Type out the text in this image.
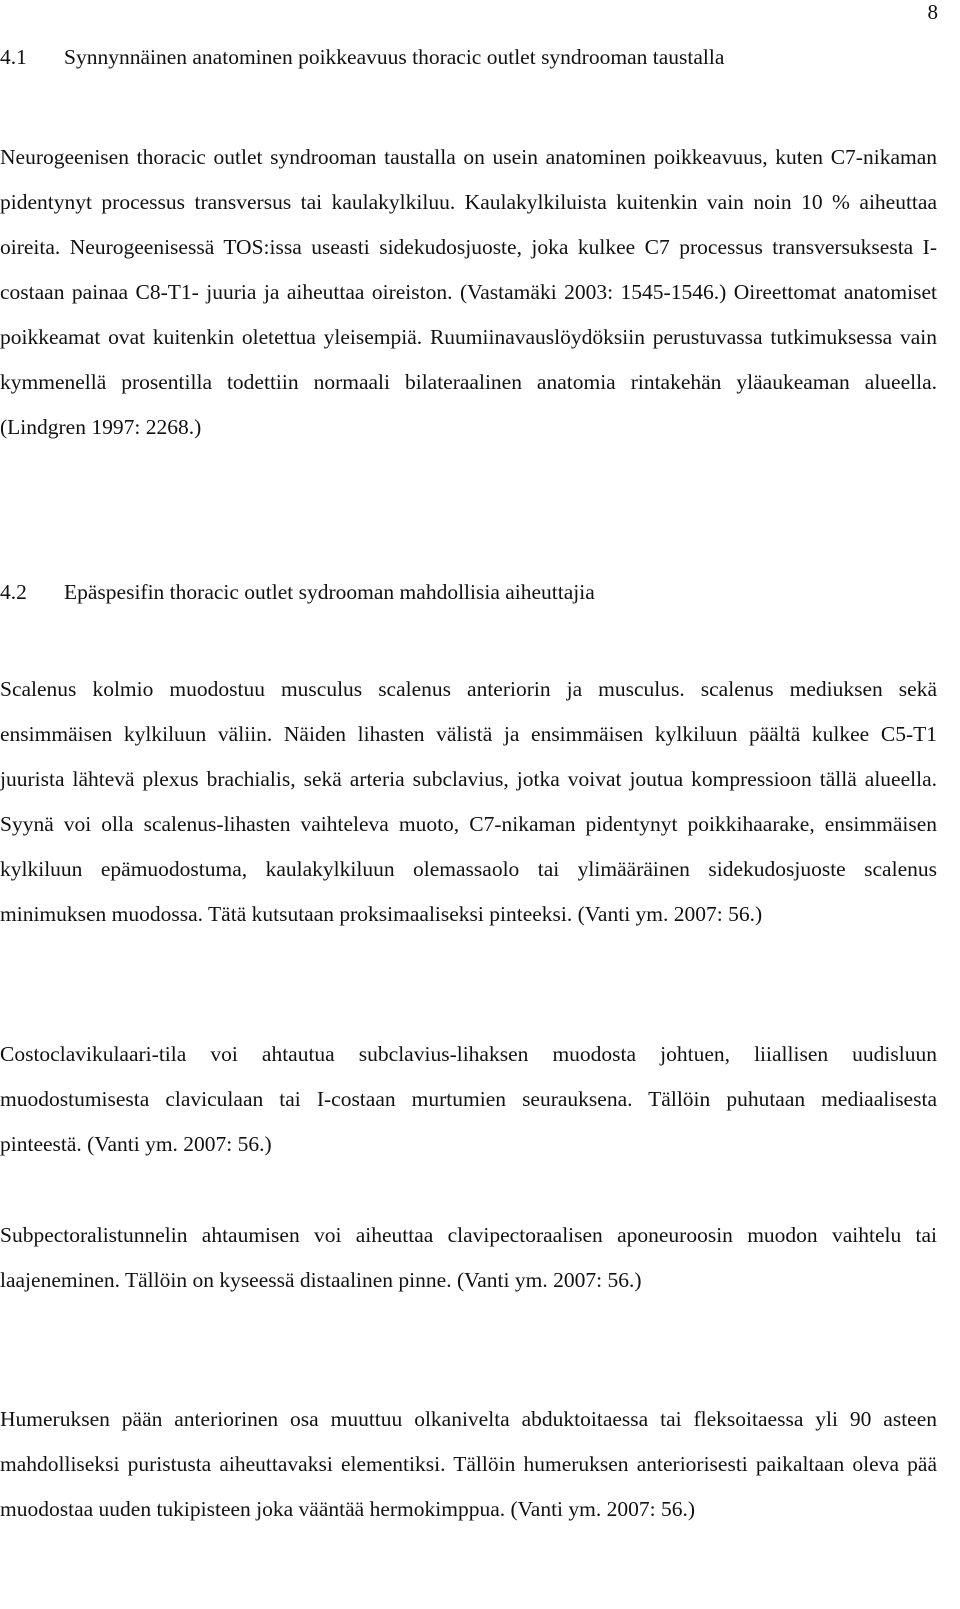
8
4.1 Synnynnäinen anatominen poikkeavuus thoracic outlet syndrooman taustalla

Neurogeenisen thoracic outlet syndrooman taustalla on usein anatominen poikkeavuus, kuten C7-nikaman pidentynyt processus transversus tai kaulakylkiluu. Kaulakylkiluista kuitenkin vain noin 10 % aiheuttaa oireita. Neurogeenisessä TOS:issa useasti sidekudosjuoste, joka kulkee C7 processus transversuksesta I-costaan painaa C8-T1- juuria ja aiheuttaa oireiston. (Vastamäki 2003: 1545-1546.) Oireettomat anatomiset poikkeamat ovat kuitenkin oletettua yleisempiä. Ruumiinavauslöydöksiin perustuvassa tutkimuksessa vain kymmenellä prosentilla todettiin normaali bilateraalinen anatomia rintakehän yläaukeaman alueella. (Lindgren 1997: 2268.)

4.2 Epäspesifin thoracic outlet sydrooman mahdollisia aiheuttajia

Scalenus kolmio muodostuu musculus scalenus anteriorin ja musculus. scalenus mediuksen sekä ensimmäisen kylkiluun väliin. Näiden lihasten välistä ja ensimmäisen kylkiluun päältä kulkee C5-T1 juurista lähtevä plexus brachialis, sekä arteria subclavius, jotka voivat joutua kompressioon tällä alueella. Syynä voi olla scalenus-lihasten vaihteleva muoto, C7-nikaman pidentynyt poikkihaarake, ensimmäisen kylkiluun epämuodostuma, kaulakylkiluun olemassaolo tai ylimääräinen sidekudosjuoste scalenus minimuksen muodossa. Tätä kutsutaan proksimaaliseksi pinteeksi. (Vanti ym. 2007: 56.)

Costoclavikulaari-tila voi ahtautua subclavius-lihaksen muodosta johtuen, liiallisen uudisluun muodostumisesta claviculaan tai I-costaan murtumien seurauksena. Tällöin puhutaan mediaalisesta pinteestä. (Vanti ym. 2007: 56.)

Subpectoralistunnelin ahtaumisen voi aiheuttaa clavipectoraalisen aponeuroosin muodon vaihtelu tai laajeneminen. Tällöin on kyseessä distaalinen pinne. (Vanti ym. 2007: 56.)

Humeruksen pään anteriorinen osa muuttuu olkanivelta abduktoitaessa tai fleksoitaessa yli 90 asteen mahdolliseksi puristusta aiheuttavaksi elementiksi. Tällöin humeruksen anteriorisesti paikaltaan oleva pää muodostaa uuden tukipisteen joka vääntää hermokimppua. (Vanti ym. 2007: 56.)
